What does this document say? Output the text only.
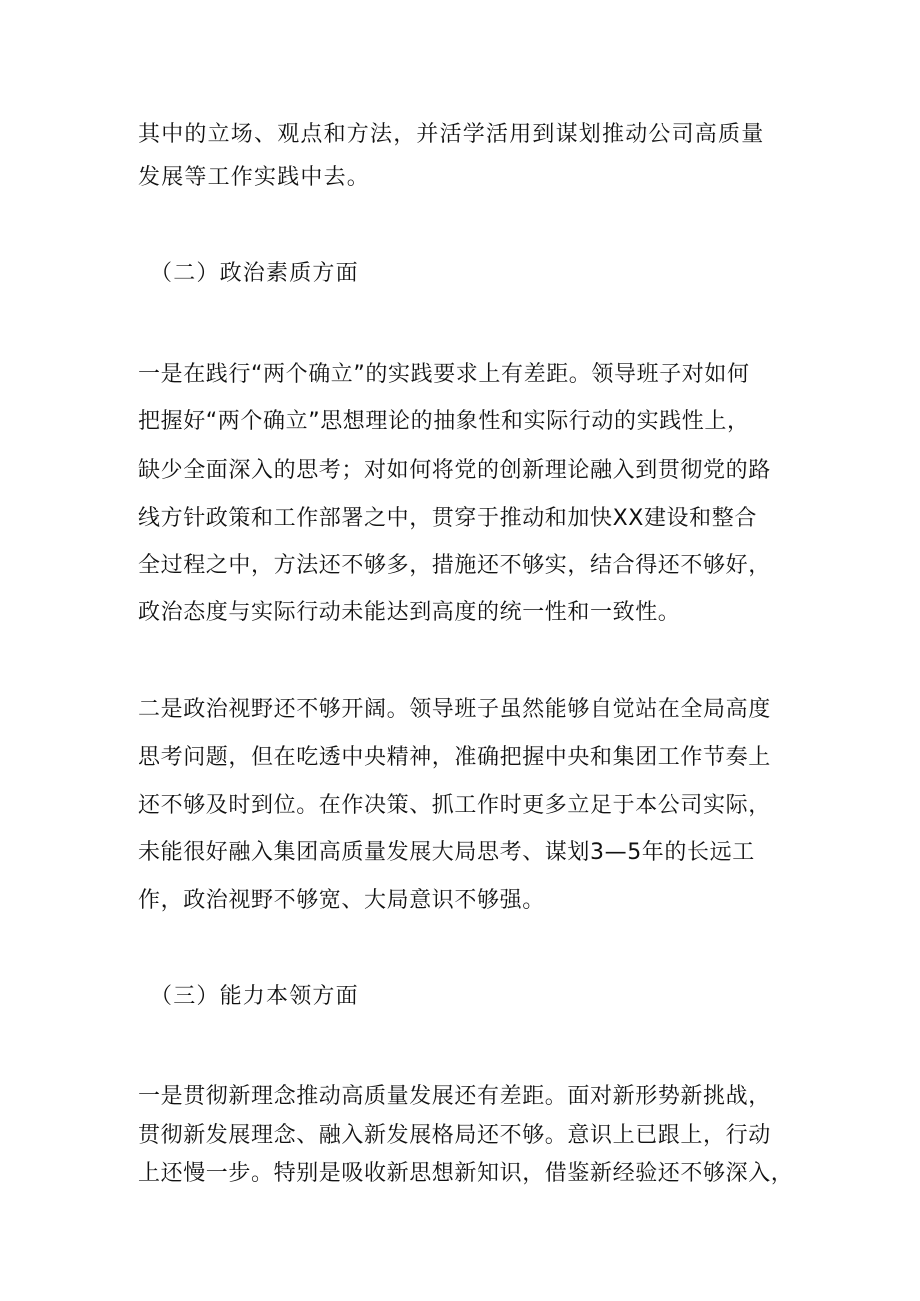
其中的立场、观点和方法，并活学活用到谋划推动公司高质量
发展等工作实践中去。
（二）政治素质方面
一是在践行“两个确立”的实践要求上有差距。领导班子对如何
把握好“两个确立”思想理论的抽象性和实际行动的实践性上，
缺少全面深入的思考；对如何将党的创新理论融入到贯彻党的路
线方针政策和工作部署之中，贯穿于推动和加快XX建设和整合
全过程之中，方法还不够多，措施还不够实，结合得还不够好，
政治态度与实际行动未能达到高度的统一性和一致性。
二是政治视野还不够开阔。领导班子虽然能够自觉站在全局高度
思考问题，但在吃透中央精神，准确把握中央和集团工作节奏上
还不够及时到位。在作决策、抓工作时更多立足于本公司实际，
未能很好融入集团高质量发展大局思考、谋划3—5年的长远工
作，政治视野不够宽、大局意识不够强。
（三）能力本领方面
一是贯彻新理念推动高质量发展还有差距。面对新形势新挑战，
贯彻新发展理念、融入新发展格局还不够。意识上已跟上，行动
上还慢一步。特别是吸收新思想新知识，借鉴新经验还不够深入，
